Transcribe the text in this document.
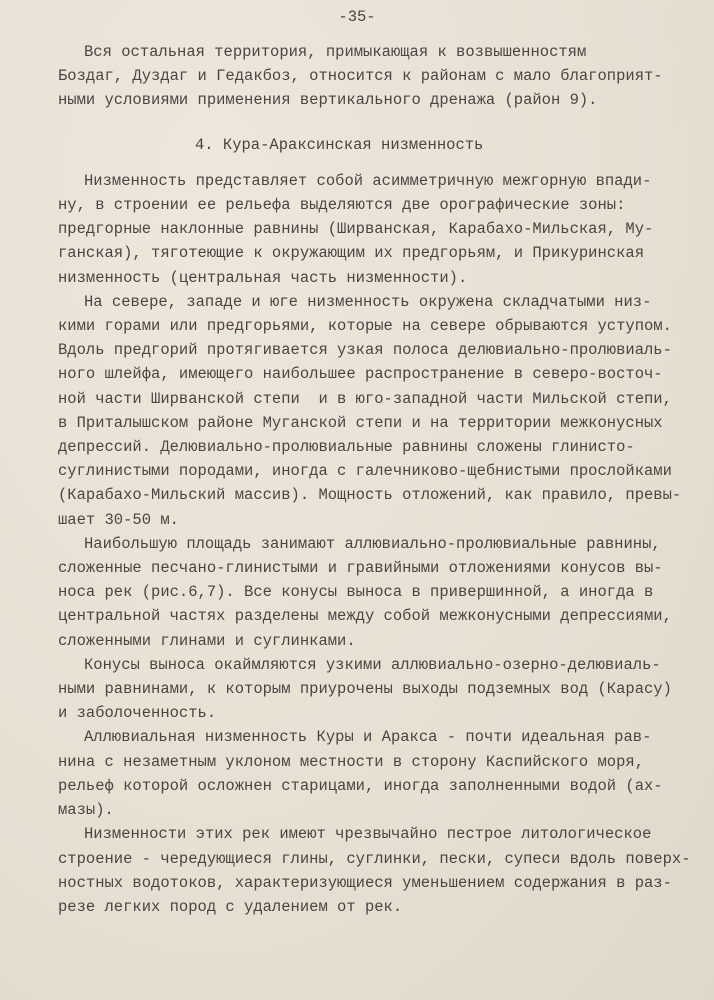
-35-
Вся остальная территория, примыкающая к возвышенностям
Боздаг, Дуздаг и Гедакбоз, относится к районам с мало благоприят-
ными условиями применения вертикального дренажа (район 9).
4. Кура-Араксинская низменность
Низменность представляет собой асимметричную межгорную впади-
ну, в строении ее рельефа выделяются две орографические зоны:
предгорные наклонные равнины (Ширванская, Карабахо-Мильская, Му-
ганская), тяготеющие к окружающим их предгорьям, и Прикуринская
низменность (центральная часть низменности).
На севере, западе и юге низменность окружена складчатыми низ-
кими горами или предгорьями, которые на севере обрываются уступом.
Вдоль предгорий протягивается узкая полоса делювиально-пролювиаль-
ного шлейфа, имеющего наибольшее распространение в северо-восточ-
ной части Ширванской степи  и в юго-западной части Мильской степи,
в Приталышском районе Муганской степи и на территории межконусных
депрессий. Делювиально-пролювиальные равнины сложены глинисто-
суглинистыми породами, иногда с галечниково-щебнистыми прослойками
(Карабахо-Мильский массив). Мощность отложений, как правило, превы-
шает 30-50 м.
Наибольшую площадь занимают аллювиально-пролювиальные равнины,
сложенные песчано-глинистыми и гравийными отложениями конусов вы-
носа рек (рис.6,7). Все конусы выноса в привершинной, а иногда в
центральной частях разделены между собой межконусными депрессиями,
сложенными глинами и суглинками.
Конусы выноса окаймляются узкими аллювиально-озерно-делювиаль-
ными равнинами, к которым приурочены выходы подземных вод (Карасу)
и заболоченность.
Аллювиальная низменность Куры и Аракса - почти идеальная рав-
нина с незаметным уклоном местности в сторону Каспийского моря,
рельеф которой осложнен старицами, иногда заполненными водой (ах-
мазы).
Низменности этих рек имеют чрезвычайно пестрое литологическое
строение - чередующиеся глины, суглинки, пески, супеси вдоль поверх-
ностных водотоков, характеризующиеся уменьшением содержания в раз-
резе легких пород с удалением от рек.
